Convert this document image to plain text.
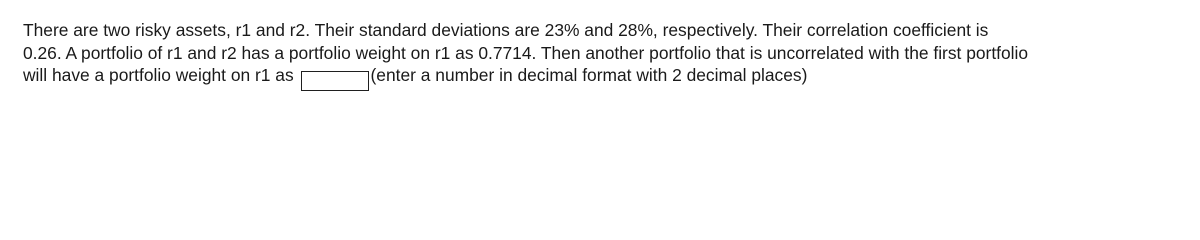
There are two risky assets, r1 and r2. Their standard deviations are 23% and 28%, respectively. Their correlation coefficient is
0.26. A portfolio of r1 and r2 has a portfolio weight on r1 as 0.7714. Then another portfolio that is uncorrelated with the first portfolio
will have a portfolio weight on r1 as	(enter a number in decimal format with 2 decimal places)
